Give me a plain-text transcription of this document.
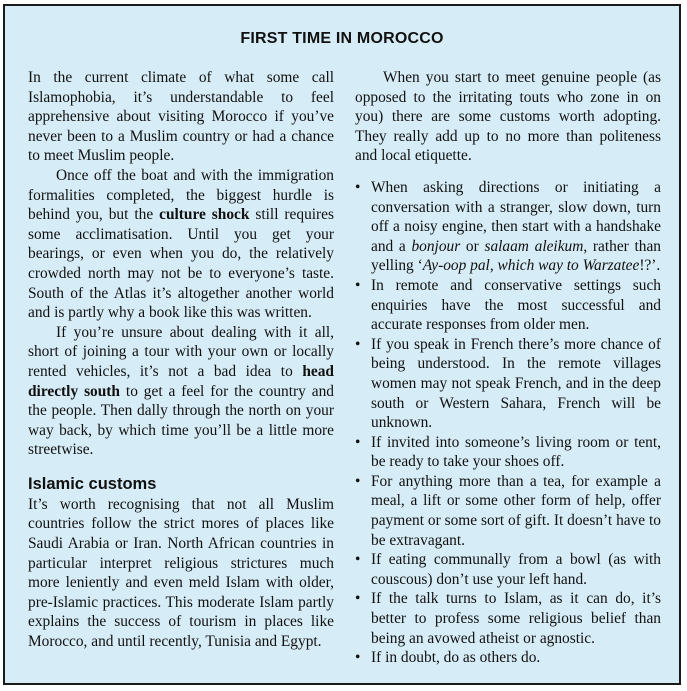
FIRST TIME IN MOROCCO

In the current climate of what some call Islamophobia, it’s understandable to feel apprehensive about visiting Morocco if you’ve never been to a Muslim country or had a chance to meet Muslim people.

Once off the boat and with the immigration formalities completed, the biggest hurdle is behind you, but the culture shock still requires some acclimatisation. Until you get your bearings, or even when you do, the relatively crowded north may not be to everyone’s taste. South of the Atlas it’s altogether another world and is partly why a book like this was written.

If you’re unsure about dealing with it all, short of joining a tour with your own or locally rented vehicles, it’s not a bad idea to head directly south to get a feel for the country and the people. Then dally through the north on your way back, by which time you’ll be a little more streetwise.

Islamic customs

It’s worth recognising that not all Muslim countries follow the strict mores of places like Saudi Arabia or Iran. North African countries in particular interpret religious strictures much more leniently and even meld Islam with older, pre-Islamic practices. This moderate Islam partly explains the success of tourism in places like Morocco, and until recently, Tunisia and Egypt.

When you start to meet genuine people (as opposed to the irritating touts who zone in on you) there are some customs worth adopting. They really add up to no more than politeness and local etiquette.

• When asking directions or initiating a conversation with a stranger, slow down, turn off a noisy engine, then start with a handshake and a bonjour or salaam aleikum, rather than yelling ‘Ay-oop pal, which way to Warzatee!?’.
• In remote and conservative settings such enquiries have the most successful and accurate responses from older men.
• If you speak in French there’s more chance of being understood. In the remote villages women may not speak French, and in the deep south or Western Sahara, French will be unknown.
• If invited into someone’s living room or tent, be ready to take your shoes off.
• For anything more than a tea, for example a meal, a lift or some other form of help, offer payment or some sort of gift. It doesn’t have to be extravagant.
• If eating communally from a bowl (as with couscous) don’t use your left hand.
• If the talk turns to Islam, as it can do, it’s better to profess some religious belief than being an avowed atheist or agnostic.
• If in doubt, do as others do.
